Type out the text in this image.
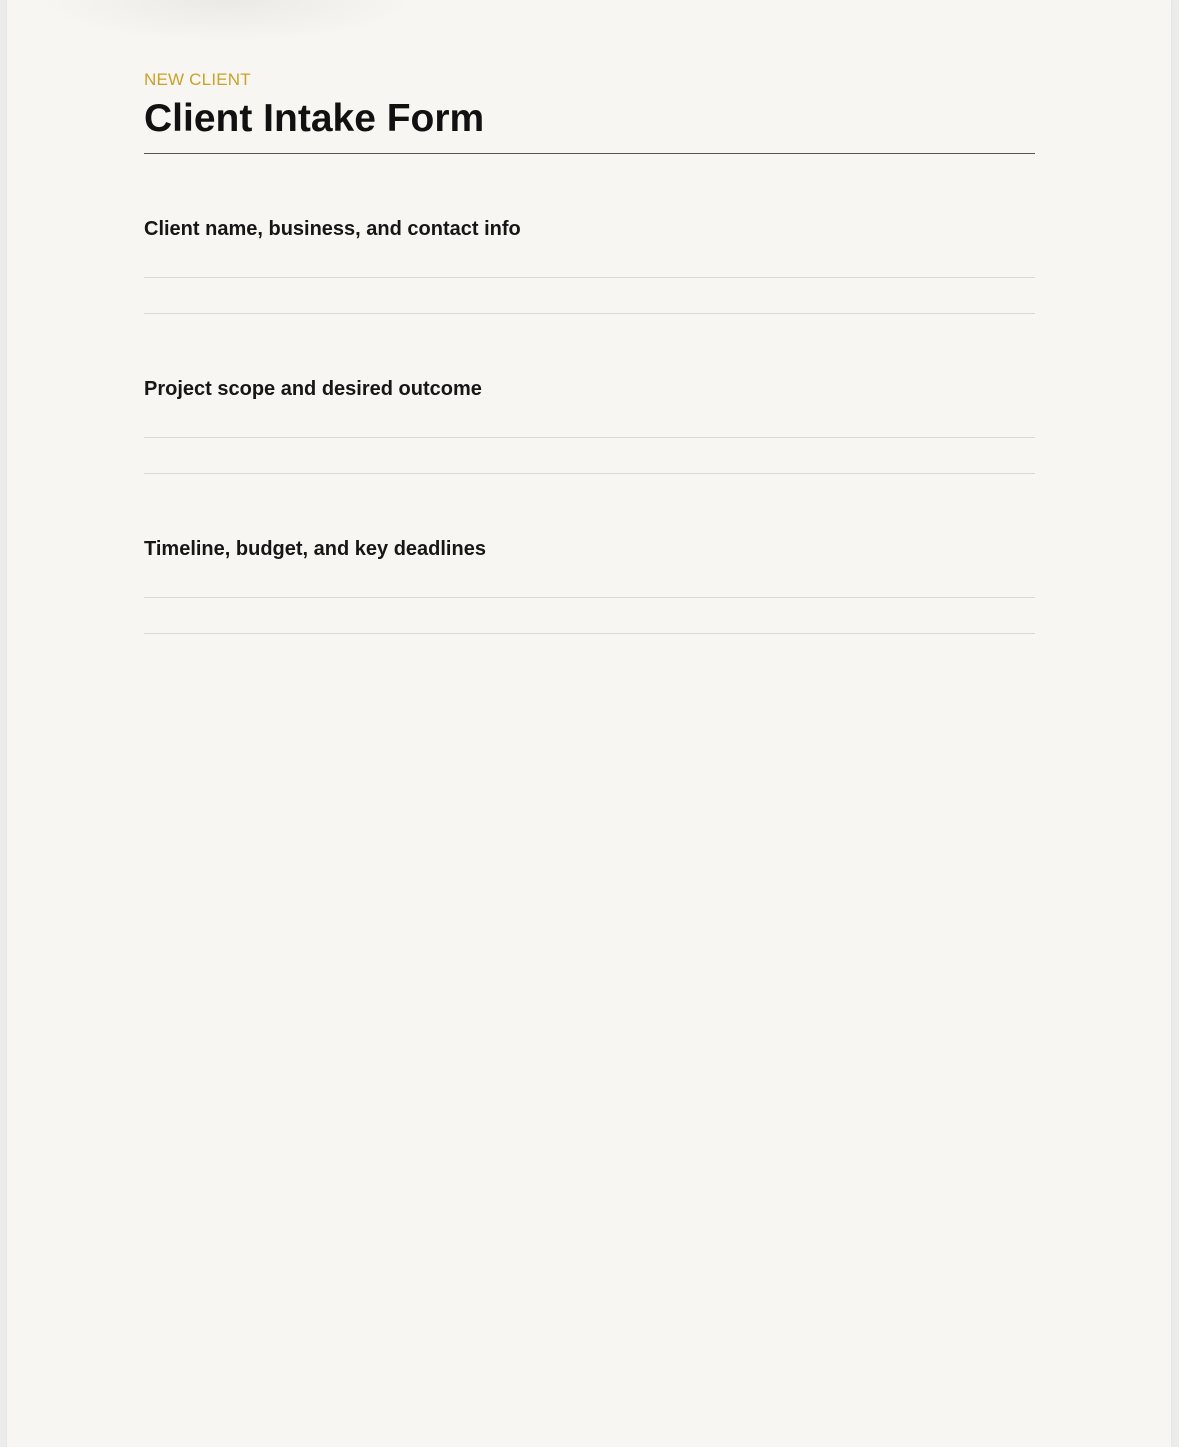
NEW CLIENT
Client Intake Form
Client name, business, and contact info
Project scope and desired outcome
Timeline, budget, and key deadlines
